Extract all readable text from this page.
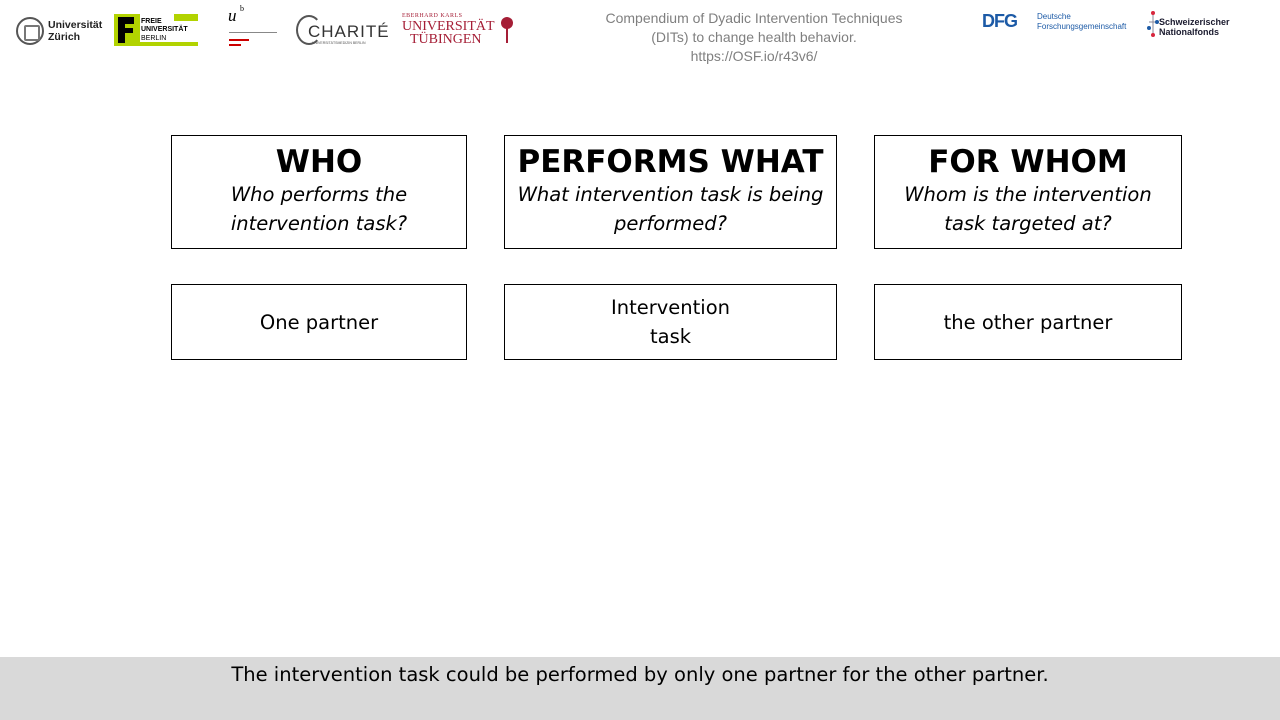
Universität
Zürich
FREIE
UNIVERSITÄT
BERLIN
u b
CHARITÉ
UNIVERSITÄTSMEDIZIN BERLIN
EBERHARD KARLS
UNIVERSITÄT
TÜBINGEN
Compendium of Dyadic Intervention Techniques
(DITs) to change health behavior.
https://OSF.io/r43v6/
DFG	Deutsche
Forschungsgemeinschaft	Schweizerischer
Nationalfonds
WHO
Who performs the intervention task?
PERFORMS WHAT
What intervention task is being performed?
FOR WHOM
Whom is the intervention task targeted at?
One partner
Intervention task
the other partner
The intervention task could be performed by only one partner for the other partner.
